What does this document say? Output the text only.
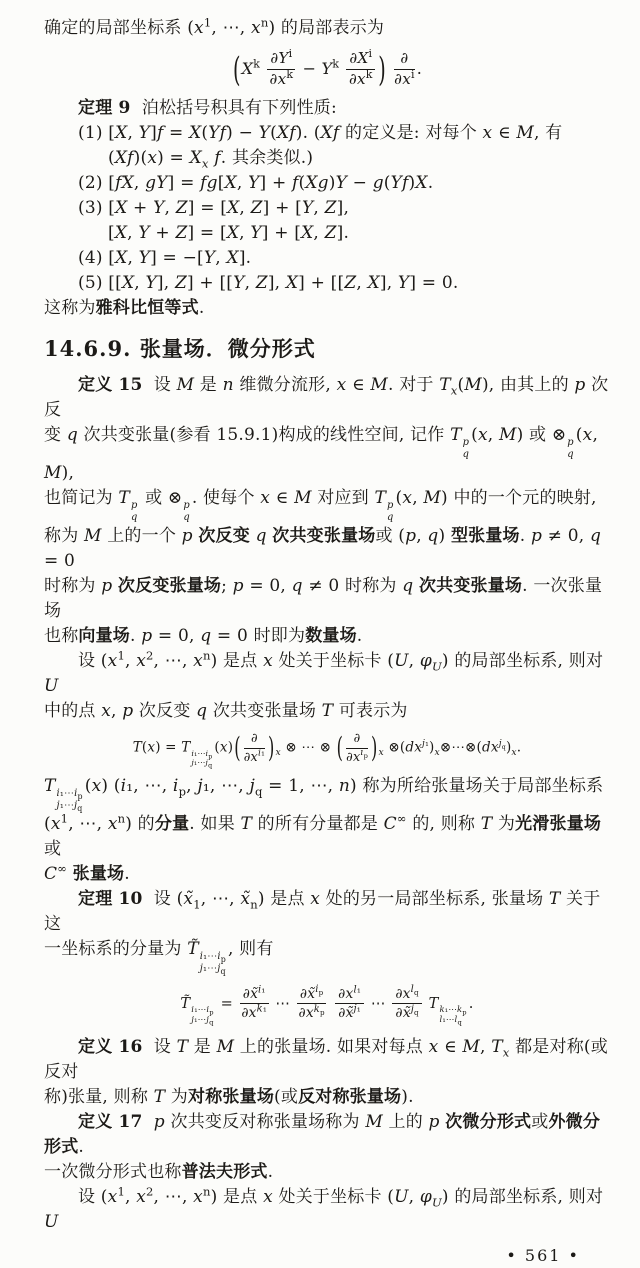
确定的局部坐标系 ($x^1$, ⋯, $x^n$) 的局部表示为
($X^k \frac{\partial Y^i}{\partial x^k} - Y^k \frac{\partial X^i}{\partial x^k}$ ) $\frac{\partial}{\partial x^i}$ .
定理 9  泊松括号积具有下列性质:
(1) [X, Y]f = X(Yf) − Y(Xf). (Xf 的定义是: 对每个 x ∈ M, 有
$(Xf)(x) = X_x$ f. 其余类似.)
(2) [fX, gY] = fg[X, Y] + f(Xg)Y − g(Yf)X.
(3) [X + Y, Z] = [X, Z] + [Y, Z],
[X, Y + Z] = [X, Y] + [X, Z].
(4) [X, Y] = −[Y, X].
(5) [[X, Y], Z] + [[Y, Z], X] + [[Z, X], Y] = 0.
这称为雅科比恒等式.
14.6.9. 张量场．微分形式
定义 15  设 M 是 n 维微分流形, x ∈ M. 对于 $T_x(M)$, 由其上的 p 次反
变 q 次共变张量(参看 15.9.1)构成的线性空间, 记作 T p
q
(x, M) 或 ⊗ p
q
(x, M),
也简记为 T p
q
或 ⊗ p
q
. 使每个 x ∈ M 对应到 T p
q
(x, M) 中的一个元的映射,
称为 M 上的一个 p 次反变 q 次共变张量场或 (p, q) 型张量场. p ≠ 0, q = 0
时称为 p 次反变张量场; p = 0, q ≠ 0 时称为 q 次共变张量场. 一次张量场
也称向量场. p = 0, q = 0 时即为数量场.
设 ($x^1$, $x^2$, ⋯, $x^n$) 是点 x 处关于坐标卡 (U, $\varphi_U$) 的局部坐标系, 则对 U
中的点 x, p 次反变 q 次共变张量场 T 可表示为
T(x) = T $i_1\cdots i_p$
$j_1\cdots j_q$
$(x)( \frac{\partial}{\partial x^{i_1}} )_x$ ⊗ ⋯ ⊗ ( $\frac{\partial}{\partial x^{i_p}} )_x$ $\otimes(dx^{j_1})_x\otimes\cdots\otimes(dx^{j_q})_x$.
T $i_1\cdots i_p$
$j_1\cdots j_q$
(x) (i₁, ⋯, $i_p$, j₁, ⋯, $j_q = 1$, ⋯, n) 称为所给张量场关于局部坐标系
($x^1$, ⋯, $x^n$) 的分量. 如果 T 的所有分量都是 C∞ 的, 则称 T 为光滑张量场或
C∞ 张量场.
定理 10  设 ($x̃_1$, ⋯, $x̃_n$) 是点 x 处的另一局部坐标系, 张量场 T 关于这
一坐标系的分量为 T̃ $i_1\cdots i_p$
$j_1\cdots j_q$
, 则有
T̃ $i_1\cdots i_p$
$j_1\cdots j_q$
= $\frac{\partial x̃^{i_1}}{\partial x^{k_1}}$ ⋯ $\frac{\partial x̃^{i_p}}{\partial x^{k_p}}$
$\frac{\partial x^{l_1}}{\partial x̃^{j_1}}$ ⋯ $\frac{\partial x^{l_q}}{\partial x̃^{j_q}}$ T $k_1\cdots k_p$
$l_1\cdots l_q$
.
定义 16  设 T 是 M 上的张量场. 如果对每点 x ∈ M, $T_x$ 都是对称(或反对
称)张量, 则称 T 为对称张量场(或反对称张量场).
定义 17 p 次共变反对称张量场称为 M 上的 p 次微分形式或外微分形式.
一次微分形式也称普法夫形式.
设 ($x^1$, $x^2$, ⋯, $x^n$) 是点 x 处关于坐标卡 (U, $\varphi_U$) 的局部坐标系, 则对 U
• 561 •
